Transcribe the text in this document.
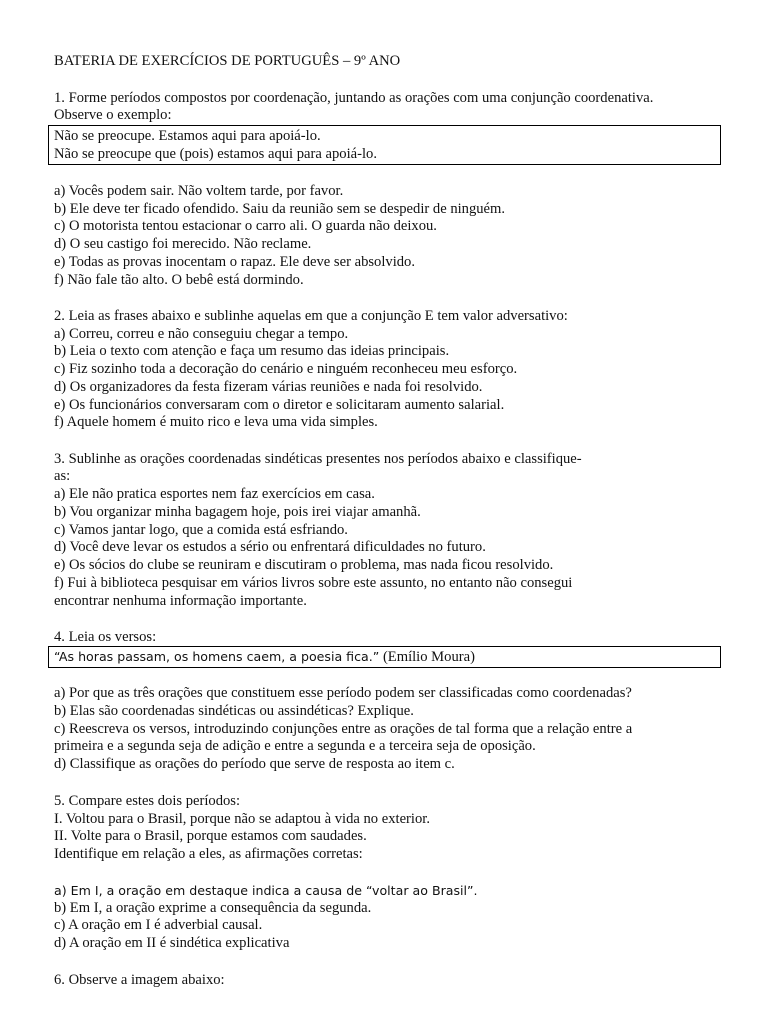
BATERIA DE EXERCÍCIOS DE PORTUGUÊS – 9º ANO
1. Forme períodos compostos por coordenação, juntando as orações com uma conjunção coordenativa.
Observe o exemplo:
Não se preocupe. Estamos aqui para apoiá-lo.
Não se preocupe que (pois) estamos aqui para apoiá-lo.
a) Vocês podem sair. Não voltem tarde, por favor.
b) Ele deve ter ficado ofendido. Saiu da reunião sem se despedir de ninguém.
c) O motorista tentou estacionar o carro ali. O guarda não deixou.
d) O seu castigo foi merecido. Não reclame.
e) Todas as provas inocentam o rapaz. Ele deve ser absolvido.
f) Não fale tão alto. O bebê está dormindo.
2. Leia as frases abaixo e sublinhe aquelas em que a conjunção E tem valor adversativo:
a) Correu, correu e não conseguiu chegar a tempo.
b) Leia o texto com atenção e faça um resumo das ideias principais.
c) Fiz sozinho toda a decoração do cenário e ninguém reconheceu meu esforço.
d) Os organizadores da festa fizeram várias reuniões e nada foi resolvido.
e) Os funcionários conversaram com o diretor e solicitaram aumento salarial.
f) Aquele homem é muito rico e leva uma vida simples.
3. Sublinhe as orações coordenadas sindéticas presentes nos períodos abaixo e classifique-
as:
a) Ele não pratica esportes nem faz exercícios em casa.
b) Vou organizar minha bagagem hoje, pois irei viajar amanhã.
c) Vamos jantar logo, que a comida está esfriando.
d) Você deve levar os estudos a sério ou enfrentará dificuldades no futuro.
e) Os sócios do clube se reuniram e discutiram o problema, mas nada ficou resolvido.
f) Fui à biblioteca pesquisar em vários livros sobre este assunto, no entanto não consegui
encontrar nenhuma informação importante.
4. Leia os versos:
“As horas passam, os homens caem, a poesia fica.” (Emílio Moura)
a) Por que as três orações que constituem esse período podem ser classificadas como coordenadas?
b) Elas são coordenadas sindéticas ou assindéticas? Explique.
c) Reescreva os versos, introduzindo conjunções entre as orações de tal forma que a relação entre a
primeira e a segunda seja de adição e entre a segunda e a terceira seja de oposição.
d) Classifique as orações do período que serve de resposta ao item c.
5. Compare estes dois períodos:
I. Voltou para o Brasil, porque não se adaptou à vida no exterior.
II. Volte para o Brasil, porque estamos com saudades.
Identifique em relação a eles, as afirmações corretas:
a) Em I, a oração em destaque indica a causa de “voltar ao Brasil”.
b) Em I, a oração exprime a consequência da segunda.
c) A oração em I é adverbial causal.
d) A oração em II é sindética explicativa
6. Observe a imagem abaixo:
